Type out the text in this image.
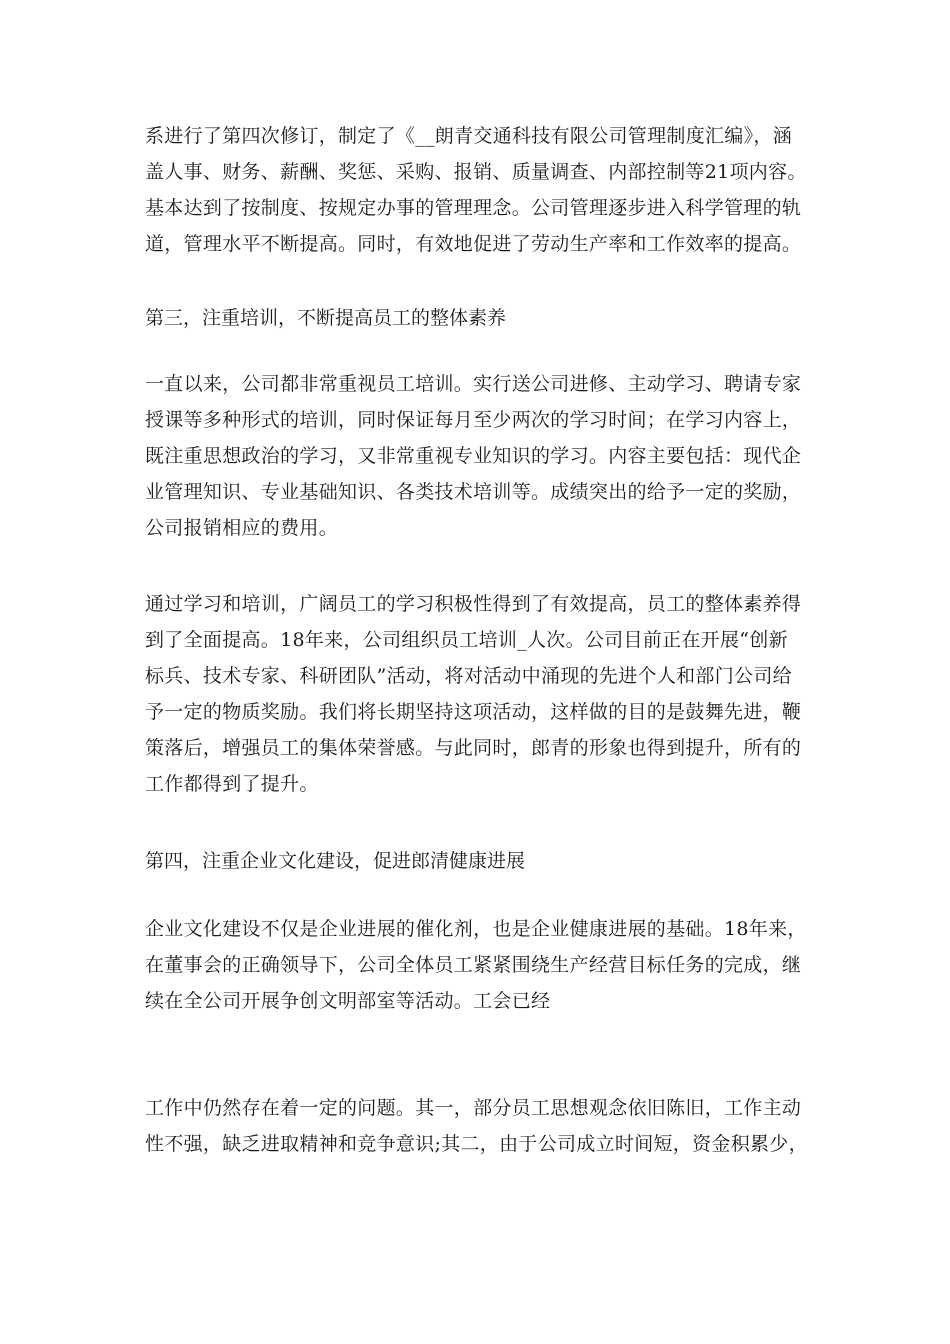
系进行了第四次修订，制定了《__朗青交通科技有限公司管理制度汇编》，涵
盖人事、财务、薪酬、奖惩、采购、报销、质量调查、内部控制等21项内容。
基本达到了按制度、按规定办事的管理理念。公司管理逐步进入科学管理的轨
道，管理水平不断提高。同时，有效地促进了劳动生产率和工作效率的提高。
第三，注重培训，不断提高员工的整体素养
一直以来，公司都非常重视员工培训。实行送公司进修、主动学习、聘请专家
授课等多种形式的培训，同时保证每月至少两次的学习时间；在学习内容上，
既注重思想政治的学习，又非常重视专业知识的学习。内容主要包括：现代企
业管理知识、专业基础知识、各类技术培训等。成绩突出的给予一定的奖励，
公司报销相应的费用。
通过学习和培训，广阔员工的学习积极性得到了有效提高，员工的整体素养得
到了全面提高。18年来，公司组织员工培训_人次。公司目前正在开展“创新
标兵、技术专家、科研团队”活动，将对活动中涌现的先进个人和部门公司给
予一定的物质奖励。我们将长期坚持这项活动，这样做的目的是鼓舞先进，鞭
策落后，增强员工的集体荣誉感。与此同时，郎青的形象也得到提升，所有的
工作都得到了提升。
第四，注重企业文化建设，促进郎清健康进展
企业文化建设不仅是企业进展的催化剂，也是企业健康进展的基础。18年来，
在董事会的正确领导下，公司全体员工紧紧围绕生产经营目标任务的完成，继
续在全公司开展争创文明部室等活动。工会已经
工作中仍然存在着一定的问题。其一，部分员工思想观念依旧陈旧，工作主动
性不强，缺乏进取精神和竞争意识;其二，由于公司成立时间短，资金积累少，
